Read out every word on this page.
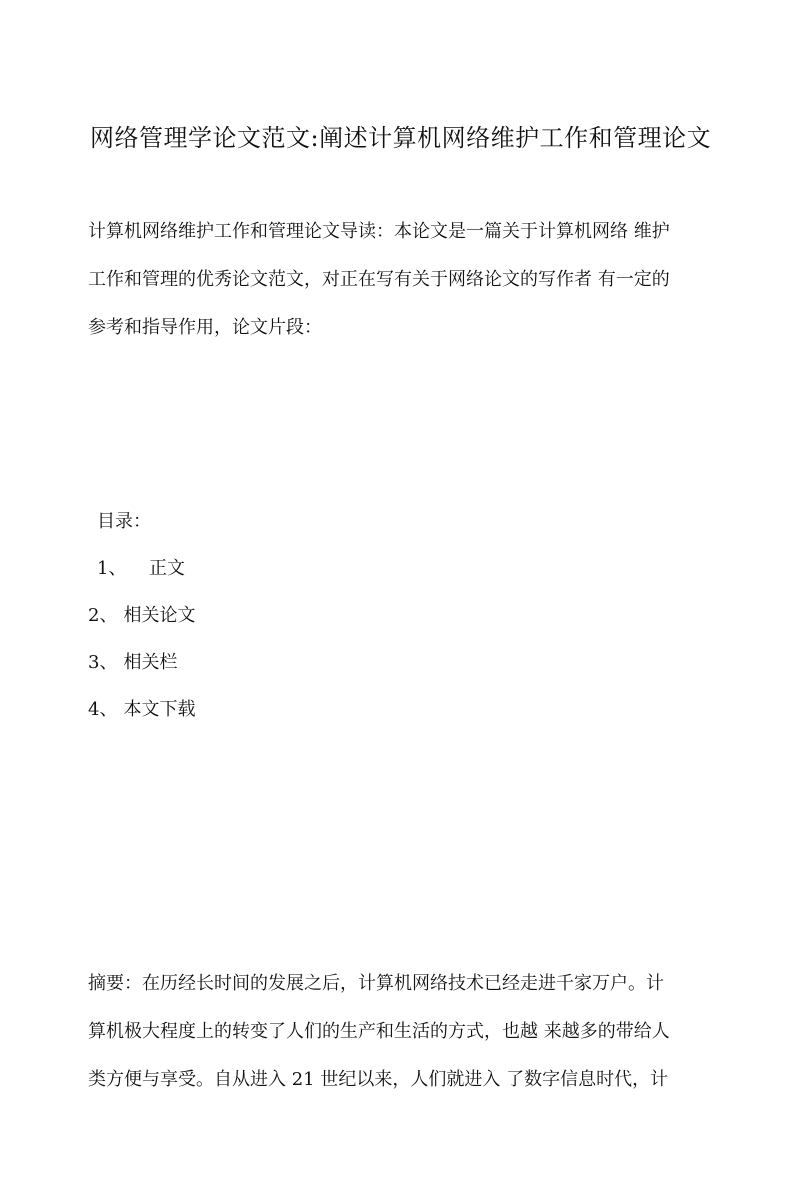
网络管理学论文范文:阐述计算机网络维护工作和管理论文

计算机网络维护工作和管理论文导读：本论文是一篇关于计算机网络 维护
工作和管理的优秀论文范文，对正在写有关于网络论文的写作者 有一定的
参考和指导作用，论文片段：

目录：
1、 正文
2、 相关论文
3、 相关栏
4、 本文下载

摘要：在历经长时间的发展之后，计算机网络技术已经走进千家万户。计
算机极大程度上的转变了人们的生产和生活的方式，也越 来越多的带给人
类方便与享受。自从进入 21 世纪以来，人们就进入 了数字信息时代，计
